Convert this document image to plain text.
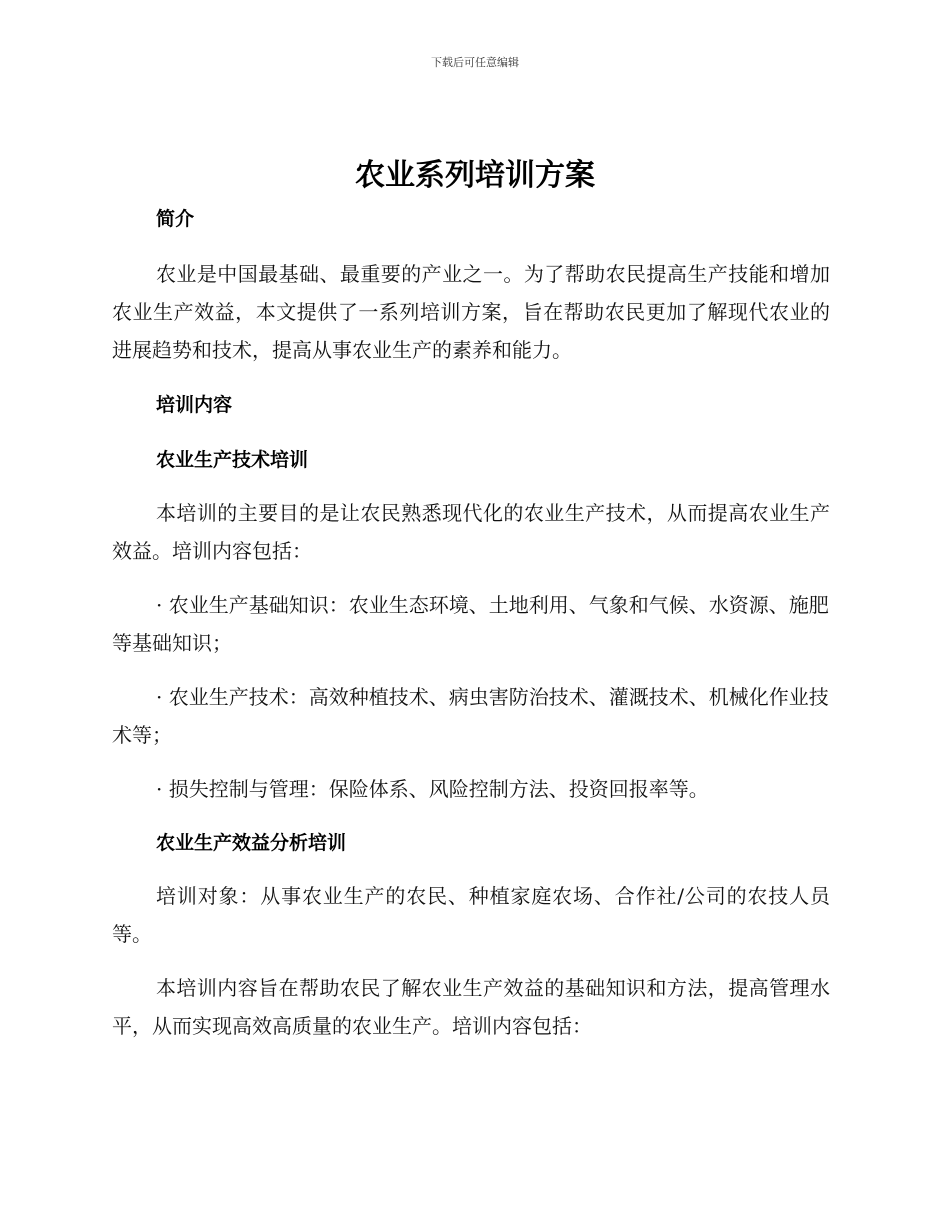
下载后可任意编辑
农业系列培训方案
简介

农业是中国最基础、最重要的产业之一。为了帮助农民提高生产技能和增加农业生产效益，本文提供了一系列培训方案，旨在帮助农民更加了解现代农业的进展趋势和技术，提高从事农业生产的素养和能力。

培训内容
农业生产技术培训

本培训的主要目的是让农民熟悉现代化的农业生产技术，从而提高农业生产效益。培训内容包括：

· 农业生产基础知识：农业生态环境、土地利用、气象和气候、水资源、施肥等基础知识；

· 农业生产技术：高效种植技术、病虫害防治技术、灌溉技术、机械化作业技术等；

· 损失控制与管理：保险体系、风险控制方法、投资回报率等。

农业生产效益分析培训

培训对象：从事农业生产的农民、种植家庭农场、合作社/公司的农技人员等。

本培训内容旨在帮助农民了解农业生产效益的基础知识和方法，提高管理水平，从而实现高效高质量的农业生产。培训内容包括：
